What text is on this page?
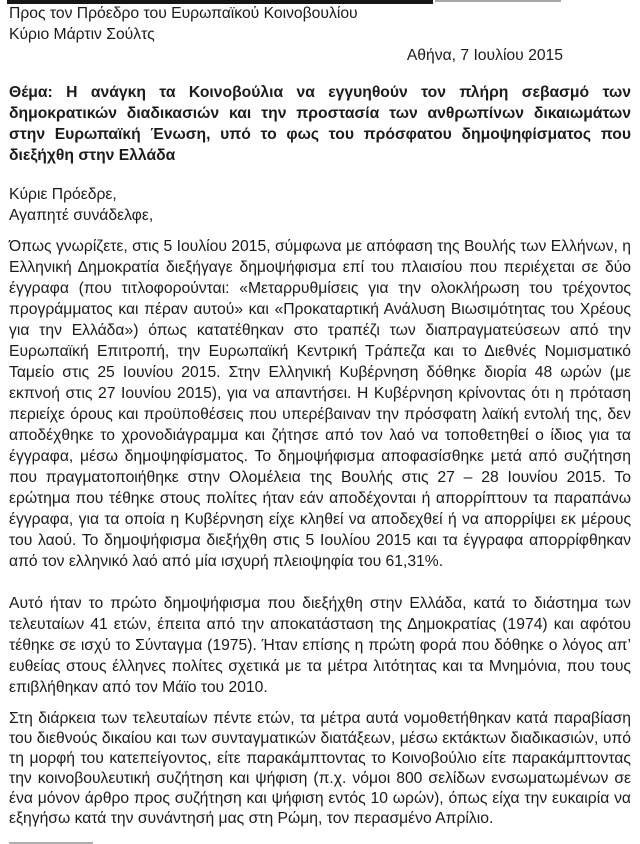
Προς τον Πρόεδρο του Ευρωπαϊκού Κοινοβουλίου

Κύριο Μάρτιν Σούλτς

Αθήνα, 7 Ιουλίου 2015

Θέμα: Η ανάγκη τα Κοινοβούλια να εγγυηθούν τον πλήρη σεβασμό των δημοκρατικών διαδικασιών και την προστασία των ανθρωπίνων δικαιωμάτων στην Ευρωπαϊκή Ένωση, υπό το φως του πρόσφατου δημοψηφίσματος που διεξήχθη στην Ελλάδα

Κύριε Πρόεδρε,

Αγαπητέ συνάδελφε,

Όπως γνωρίζετε, στις 5 Ιουλίου 2015, σύμφωνα με απόφαση της Βουλής των Ελλήνων, η Ελληνική Δημοκρατία διεξήγαγε δημοψήφισμα επί του πλαισίου που περιέχεται σε δύο έγγραφα (που τιτλοφορούνται: «Μεταρρυθμίσεις για την ολοκλήρωση του τρέχοντος προγράμματος και πέραν αυτού» και «Προκαταρτική Ανάλυση Βιωσιμότητας του Χρέους για την Ελλάδα») όπως κατατέθηκαν στο τραπέζι των διαπραγματεύσεων από την Ευρωπαϊκή Επιτροπή, την Ευρωπαϊκή Κεντρική Τράπεζα και το Διεθνές Νομισματικό Ταμείο στις 25 Ιουνίου 2015. Στην Ελληνική Κυβέρνηση δόθηκε διορία 48 ωρών (με εκπνοή στις 27 Ιουνίου 2015), για να απαντήσει. Η Κυβέρνηση κρίνοντας ότι η πρόταση περιείχε όρους και προϋποθέσεις που υπερέβαιναν την πρόσφατη λαϊκή εντολή της, δεν αποδέχθηκε το χρονοδιάγραμμα και ζήτησε από τον λαό να τοποθετηθεί ο ίδιος για τα έγγραφα, μέσω δημοψηφίσματος. Το δημοψήφισμα αποφασίσθηκε μετά από συζήτηση που πραγματοποιήθηκε στην Ολομέλεια της Βουλής στις 27 – 28 Ιουνίου 2015. Το ερώτημα που τέθηκε στους πολίτες ήταν εάν αποδέχονται ή απορρίπτουν τα παραπάνω έγγραφα, για τα οποία η Κυβέρνηση είχε κληθεί να αποδεχθεί ή να απορρίψει εκ μέρους του λαού. Το δημοψήφισμα διεξήχθη στις 5 Ιουλίου 2015 και τα έγγραφα απορρίφθηκαν από τον ελληνικό λαό από μία ισχυρή πλειοψηφία του 61,31%.

Αυτό ήταν το πρώτο δημοψήφισμα που διεξήχθη στην Ελλάδα, κατά το διάστημα των τελευταίων 41 ετών, έπειτα από την αποκατάσταση της Δημοκρατίας (1974) και αφότου τέθηκε σε ισχύ το Σύνταγμα (1975). Ήταν επίσης η πρώτη φορά που δόθηκε ο λόγος απ’ ευθείας στους έλληνες πολίτες σχετικά με τα μέτρα λιτότητας και τα Μνημόνια, που τους επιβλήθηκαν από τον Μάϊο του 2010.

Στη διάρκεια των τελευταίων πέντε ετών, τα μέτρα αυτά νομοθετήθηκαν κατά παραβίαση του διεθνούς δικαίου και των συνταγματικών διατάξεων, μέσω εκτάκτων διαδικασιών, υπό τη μορφή του κατεπείγοντος, είτε παρακάμπτοντας το Κοινοβούλιο είτε παρακάμπτοντας την κοινοβουλευτική συζήτηση και ψήφιση (π.χ. νόμοι 800 σελίδων ενσωματωμένων σε ένα μόνον άρθρο προς συζήτηση και ψήφιση εντός 10 ωρών), όπως είχα την ευκαιρία να εξηγήσω κατά την συνάντησή μας στη Ρώμη, τον περασμένο Απρίλιο.
